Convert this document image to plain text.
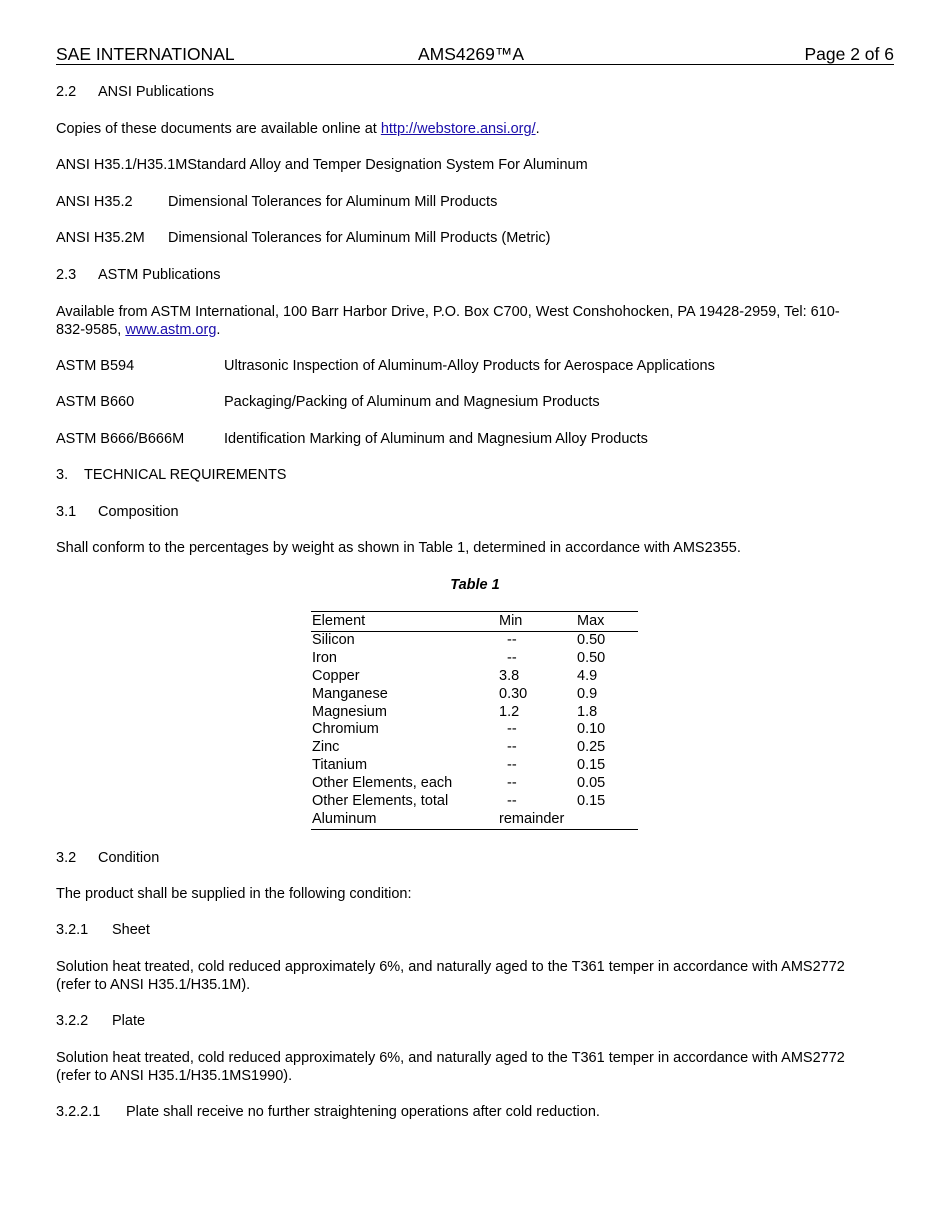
SAE INTERNATIONAL	AMS4269™A	Page 2 of 6
2.2 ANSI Publications
Copies of these documents are available online at http://webstore.ansi.org/.
ANSI H35.1/H35.1MStandard Alloy and Temper Designation System For Aluminum
ANSI H35.2 Dimensional Tolerances for Aluminum Mill Products
ANSI H35.2M Dimensional Tolerances for Aluminum Mill Products (Metric)
2.3 ASTM Publications
Available from ASTM International, 100 Barr Harbor Drive, P.O. Box C700, West Conshohocken, PA 19428-2959, Tel: 610-
832-9585, www.astm.org.
ASTM B594	Ultrasonic Inspection of Aluminum-Alloy Products for Aerospace Applications
ASTM B660	Packaging/Packing of Aluminum and Magnesium Products
ASTM B666/B666M	Identification Marking of Aluminum and Magnesium Alloy Products
3. TECHNICAL REQUIREMENTS
3.1 Composition
Shall conform to the percentages by weight as shown in Table 1, determined in accordance with AMS2355.
Table 1
Element	Min	Max
Silicon	--	0.50
Iron	--	0.50
Copper	3.8	4.9
Manganese	0.30	0.9
Magnesium	1.2	1.8
Chromium	--	0.10
Zinc	--	0.25
Titanium	--	0.15
Other Elements, each	--	0.05
Other Elements, total	--	0.15
Aluminum	remainder
3.2 Condition
The product shall be supplied in the following condition:
3.2.1 Sheet
Solution heat treated, cold reduced approximately 6%, and naturally aged to the T361 temper in accordance with AMS2772
(refer to ANSI H35.1/H35.1M).
3.2.2 Plate
Solution heat treated, cold reduced approximately 6%, and naturally aged to the T361 temper in accordance with AMS2772
(refer to ANSI H35.1/H35.1MS1990).
3.2.2.1 Plate shall receive no further straightening operations after cold reduction.
